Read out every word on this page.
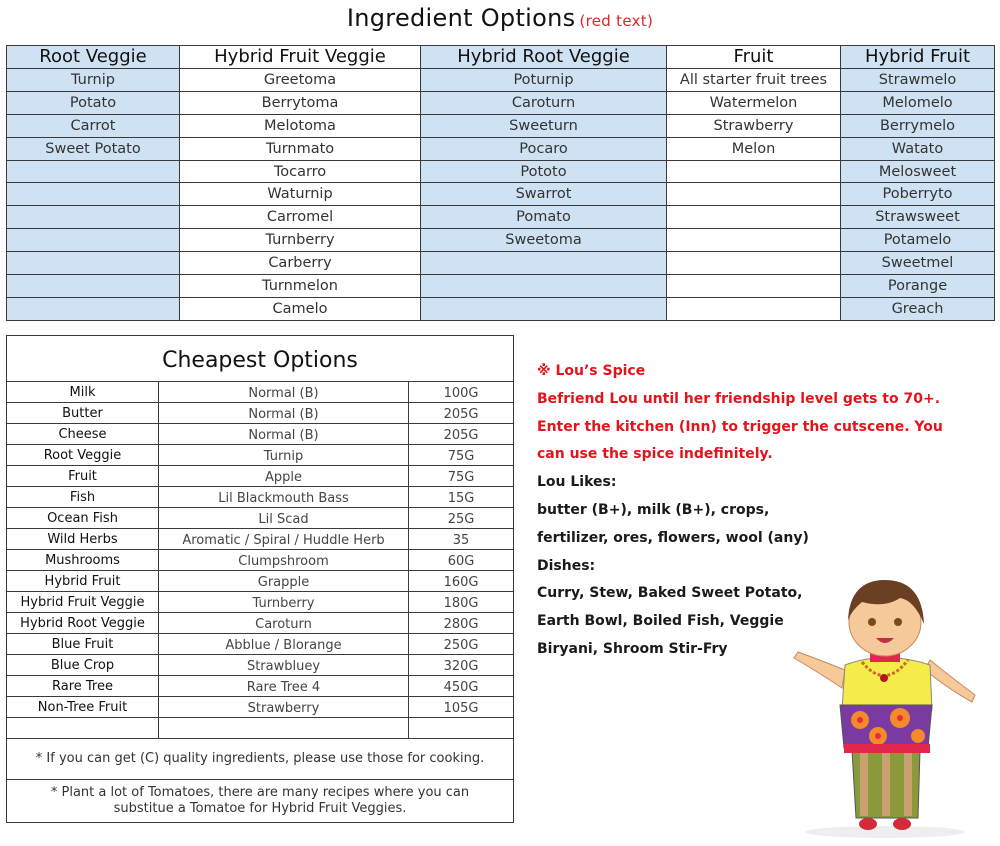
Ingredient Options (red text)
Root Veggie	Hybrid Fruit Veggie	Hybrid Root Veggie	Fruit	Hybrid Fruit
Turnip	Greetoma	Poturnip	All starter fruit trees	Strawmelo
Potato	Berrytoma	Caroturn	Watermelon	Melomelo
Carrot	Melotoma	Sweeturn	Strawberry	Berrymelo
Sweet Potato	Turnmato	Pocaro	Melon	Watato
	Tocarro	Pototo		Melosweet
	Waturnip	Swarrot		Poberryto
	Carromel	Pomato		Strawsweet
	Turnberry	Sweetoma		Potamelo
	Carberry			Sweetmel
	Turnmelon			Porange
	Camelo			Greach
Cheapest Options		
Milk	Normal (B)	100G
Butter	Normal (B)	205G
Cheese	Normal (B)	205G
Root Veggie	Turnip	75G
Fruit	Apple	75G
Fish	Lil Blackmouth Bass	15G
Ocean Fish	Lil Scad	25G
Wild Herbs	Aromatic / Spiral / Huddle Herb	35
Mushrooms	Clumpshroom	60G
Hybrid Fruit	Grapple	160G
Hybrid Fruit Veggie	Turnberry	180G
Hybrid Root Veggie	Caroturn	280G
Blue Fruit	Abblue / Blorange	250G
Blue Crop	Strawbluey	320G
Rare Tree	Rare Tree 4	450G
Non-Tree Fruit	Strawberry	105G

* If you can get (C) quality ingredients, please use those for cooking.		

* Plant a lot of Tomatoes, there are many recipes where you can
substitue a Tomatoe for Hybrid Fruit Veggies.		
※ Lou’s Spice
Befriend Lou until her friendship level gets to 70+.
Enter the kitchen (Inn) to trigger the cutscene. You
can use the spice indefinitely.
Lou Likes:
butter (B+), milk (B+), crops,
fertilizer, ores, flowers, wool (any)
Dishes:
Curry, Stew, Baked Sweet Potato,
Earth Bowl, Boiled Fish, Veggie
Biryani, Shroom Stir-Fry
